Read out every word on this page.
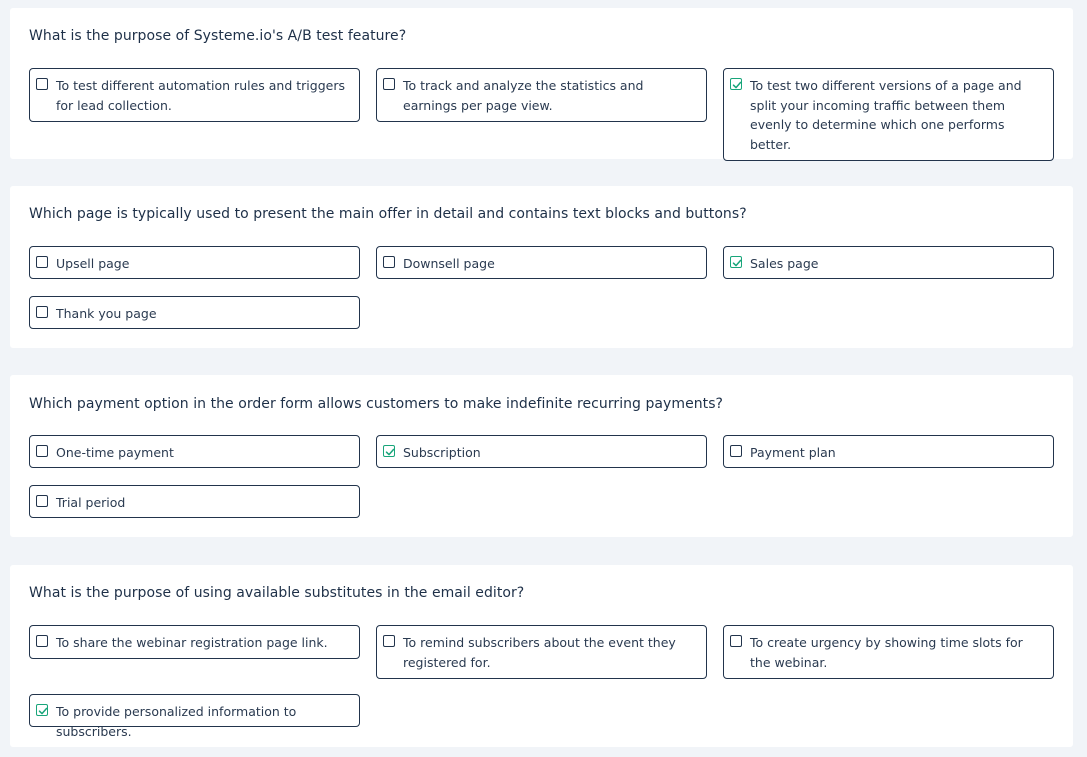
What is the purpose of Systeme.io's A/B test feature?
To test different automation rules and triggers for lead collection.
To track and analyze the statistics and earnings per page view.
To test two different versions of a page and split your incoming traffic between them evenly to determine which one performs better.
Which page is typically used to present the main offer in detail and contains text blocks and buttons?
Upsell page	Downsell page	Sales page
Thank you page
Which payment option in the order form allows customers to make indefinite recurring payments?
One-time payment	Subscription	Payment plan
Trial period
What is the purpose of using available substitutes in the email editor?
To share the webinar registration page link.	To remind subscribers about the event they registered for.
To create urgency by showing time slots for the webinar.
To provide personalized information to subscribers.
